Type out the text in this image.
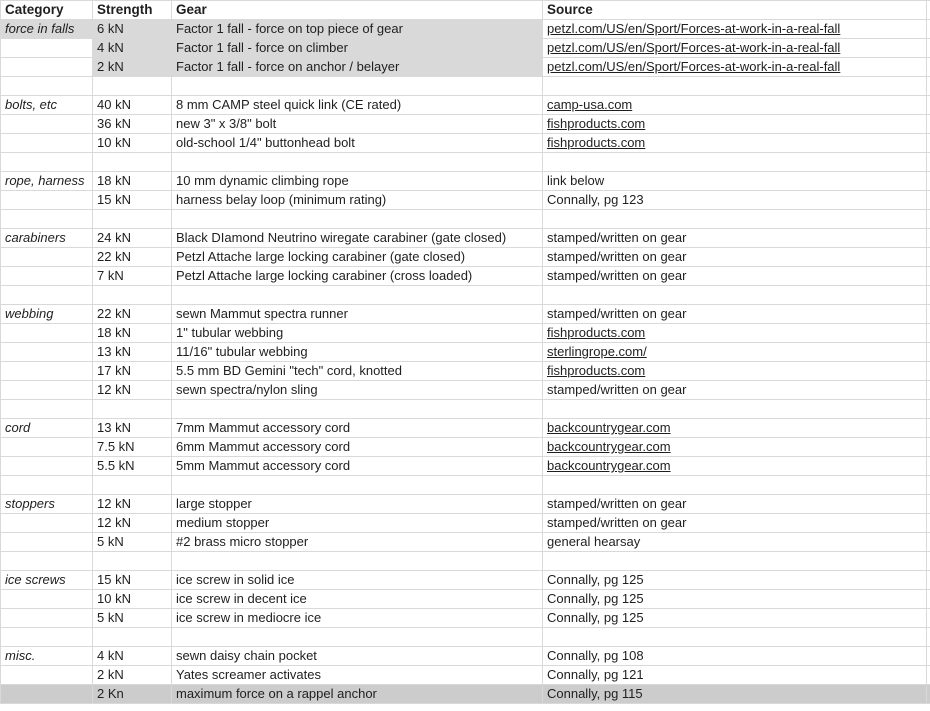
Category	Strength	Gear	Source	
force in falls	6 kN	Factor 1 fall - force on top piece of gear	petzl.com/US/en/Sport/Forces-at-work-in-a-real-fall	
	4 kN	Factor 1 fall - force on climber	petzl.com/US/en/Sport/Forces-at-work-in-a-real-fall	
	2 kN	Factor 1 fall - force on anchor / belayer	petzl.com/US/en/Sport/Forces-at-work-in-a-real-fall	

bolts, etc	40 kN	8 mm CAMP steel quick link (CE rated)	camp-usa.com	
	36 kN	new 3" x 3/8" bolt	fishproducts.com	
	10 kN	old-school 1/4" buttonhead bolt	fishproducts.com	

rope, harness	18 kN	10 mm dynamic climbing rope	link below	
	15 kN	harness belay loop (minimum rating)	Connally, pg 123	

carabiners	24 kN	Black DIamond Neutrino wiregate carabiner (gate closed)	stamped/written on gear	
	22 kN	Petzl Attache large locking carabiner (gate closed)	stamped/written on gear	
	7 kN	Petzl Attache large locking carabiner (cross loaded)	stamped/written on gear	

webbing	22 kN	sewn Mammut spectra runner	stamped/written on gear	
	18 kN	1" tubular webbing	fishproducts.com	
	13 kN	11/16" tubular webbing	sterlingrope.com/	
	17 kN	5.5 mm BD Gemini "tech" cord, knotted	fishproducts.com	
	12 kN	sewn spectra/nylon sling	stamped/written on gear	

cord	13 kN	7mm Mammut accessory cord	backcountrygear.com	
	7.5 kN	6mm Mammut accessory cord	backcountrygear.com	
	5.5 kN	5mm Mammut accessory cord	backcountrygear.com	

stoppers	12 kN	large stopper	stamped/written on gear	
	12 kN	medium stopper	stamped/written on gear	
	5 kN	#2 brass micro stopper	general hearsay	

ice screws	15 kN	ice screw in solid ice	Connally, pg 125	
	10 kN	ice screw in decent ice	Connally, pg 125	
	5 kN	ice screw in mediocre ice	Connally, pg 125	

misc.	4 kN	sewn daisy chain pocket	Connally, pg 108	
	2 kN	Yates screamer activates	Connally, pg 121	
	2 Kn	maximum force on a rappel anchor	Connally, pg 115	
